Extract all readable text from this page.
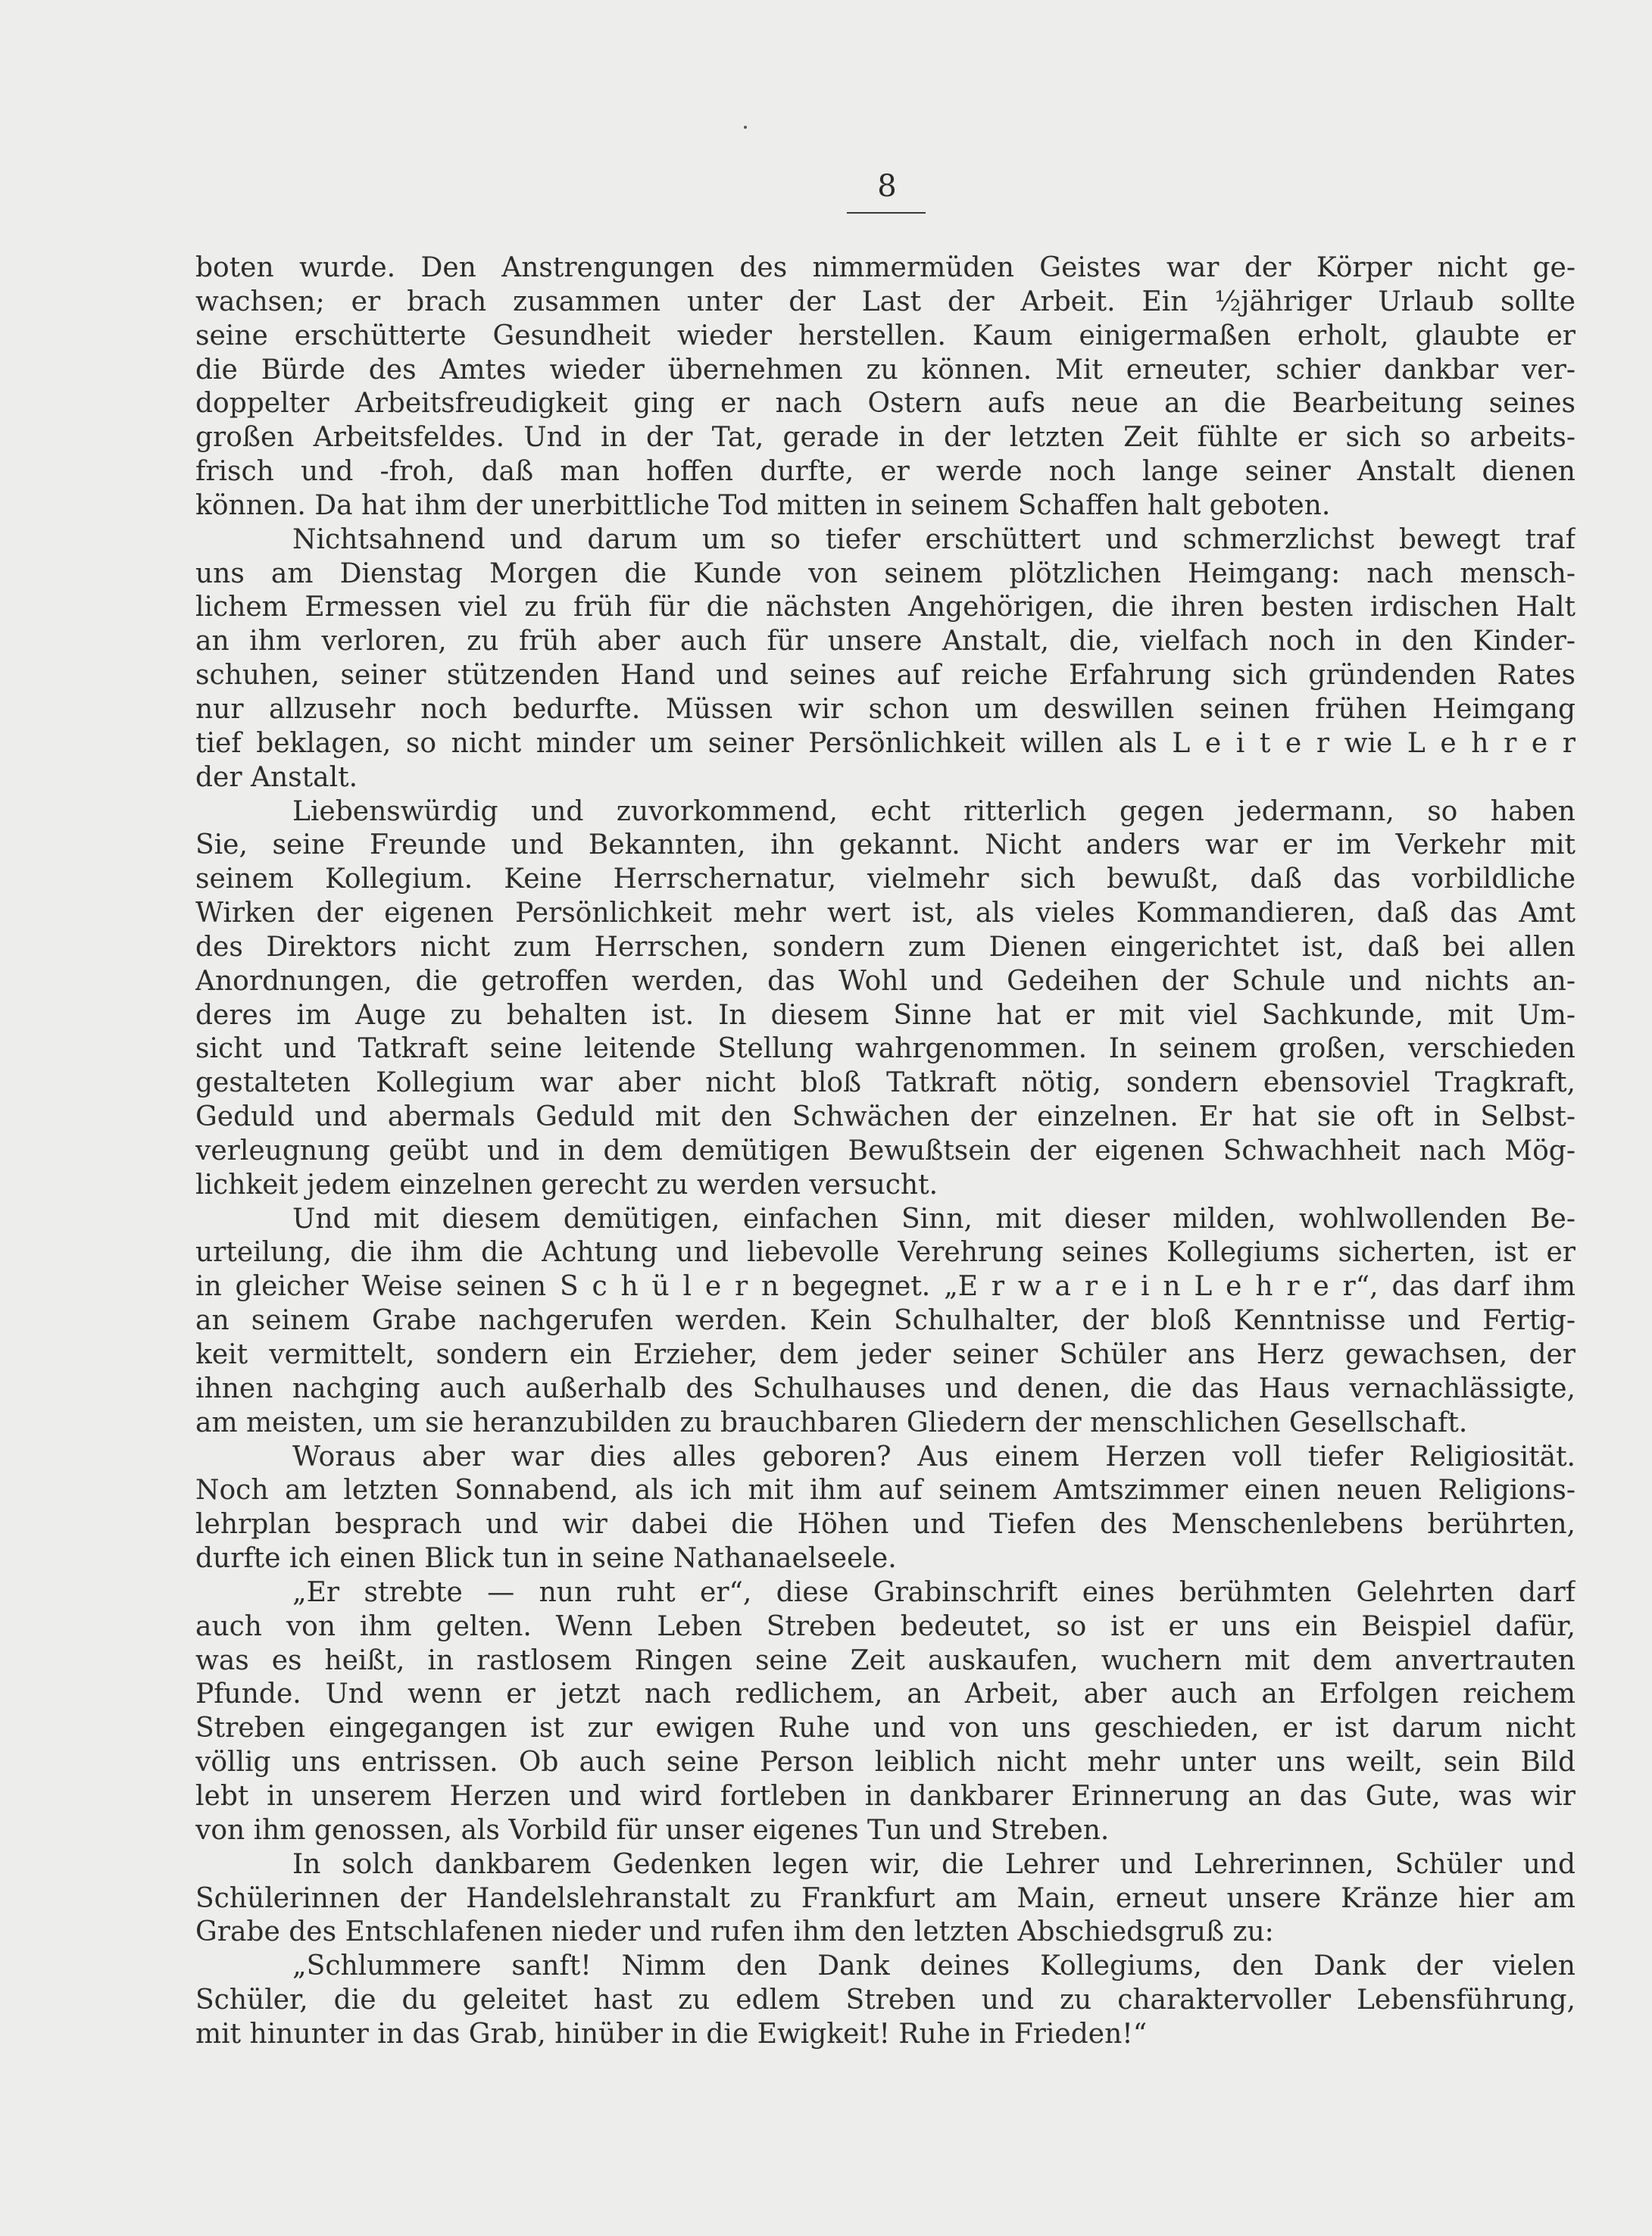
8
boten wurde. Den Anstrengungen des nimmermüden Geistes war der Körper nicht ge-
wachsen; er brach zusammen unter der Last der Arbeit. Ein ½jähriger Urlaub sollte
seine erschütterte Gesundheit wieder herstellen. Kaum einigermaßen erholt, glaubte er
die Bürde des Amtes wieder übernehmen zu können. Mit erneuter, schier dankbar ver-
doppelter Arbeitsfreudigkeit ging er nach Ostern aufs neue an die Bearbeitung seines
großen Arbeitsfeldes. Und in der Tat, gerade in der letzten Zeit fühlte er sich so arbeits-
frisch und -froh, daß man hoffen durfte, er werde noch lange seiner Anstalt dienen
können. Da hat ihm der unerbittliche Tod mitten in seinem Schaffen halt geboten.
Nichtsahnend und darum um so tiefer erschüttert und schmerzlichst bewegt traf
uns am Dienstag Morgen die Kunde von seinem plötzlichen Heimgang: nach mensch-
lichem Ermessen viel zu früh für die nächsten Angehörigen, die ihren besten irdischen Halt
an ihm verloren, zu früh aber auch für unsere Anstalt, die, vielfach noch in den Kinder-
schuhen, seiner stützenden Hand und seines auf reiche Erfahrung sich gründenden Rates
nur allzusehr noch bedurfte. Müssen wir schon um deswillen seinen frühen Heimgang
tief beklagen, so nicht minder um seiner Persönlichkeit willen als L e i t e r wie L e h r e r
der Anstalt.
Liebenswürdig und zuvorkommend, echt ritterlich gegen jedermann, so haben
Sie, seine Freunde und Bekannten, ihn gekannt. Nicht anders war er im Verkehr mit
seinem Kollegium. Keine Herrschernatur, vielmehr sich bewußt, daß das vorbildliche
Wirken der eigenen Persönlichkeit mehr wert ist, als vieles Kommandieren, daß das Amt
des Direktors nicht zum Herrschen, sondern zum Dienen eingerichtet ist, daß bei allen
Anordnungen, die getroffen werden, das Wohl und Gedeihen der Schule und nichts an-
deres im Auge zu behalten ist. In diesem Sinne hat er mit viel Sachkunde, mit Um-
sicht und Tatkraft seine leitende Stellung wahrgenommen. In seinem großen, verschieden
gestalteten Kollegium war aber nicht bloß Tatkraft nötig, sondern ebensoviel Tragkraft,
Geduld und abermals Geduld mit den Schwächen der einzelnen. Er hat sie oft in Selbst-
verleugnung geübt und in dem demütigen Bewußtsein der eigenen Schwachheit nach Mög-
lichkeit jedem einzelnen gerecht zu werden versucht.
Und mit diesem demütigen, einfachen Sinn, mit dieser milden, wohlwollenden Be-
urteilung, die ihm die Achtung und liebevolle Verehrung seines Kollegiums sicherten, ist er
in gleicher Weise seinen S c h ü l e r n begegnet. „E r w a r e i n L e h r e r“, das darf ihm
an seinem Grabe nachgerufen werden. Kein Schulhalter, der bloß Kenntnisse und Fertig-
keit vermittelt, sondern ein Erzieher, dem jeder seiner Schüler ans Herz gewachsen, der
ihnen nachging auch außerhalb des Schulhauses und denen, die das Haus vernachlässigte,
am meisten, um sie heranzubilden zu brauchbaren Gliedern der menschlichen Gesellschaft.
Woraus aber war dies alles geboren? Aus einem Herzen voll tiefer Religiosität.
Noch am letzten Sonnabend, als ich mit ihm auf seinem Amtszimmer einen neuen Religions-
lehrplan besprach und wir dabei die Höhen und Tiefen des Menschenlebens berührten,
durfte ich einen Blick tun in seine Nathanaelseele.
„Er strebte — nun ruht er“, diese Grabinschrift eines berühmten Gelehrten darf
auch von ihm gelten. Wenn Leben Streben bedeutet, so ist er uns ein Beispiel dafür,
was es heißt, in rastlosem Ringen seine Zeit auskaufen, wuchern mit dem anvertrauten
Pfunde. Und wenn er jetzt nach redlichem, an Arbeit, aber auch an Erfolgen reichem
Streben eingegangen ist zur ewigen Ruhe und von uns geschieden, er ist darum nicht
völlig uns entrissen. Ob auch seine Person leiblich nicht mehr unter uns weilt, sein Bild
lebt in unserem Herzen und wird fortleben in dankbarer Erinnerung an das Gute, was wir
von ihm genossen, als Vorbild für unser eigenes Tun und Streben.
In solch dankbarem Gedenken legen wir, die Lehrer und Lehrerinnen, Schüler und
Schülerinnen der Handelslehranstalt zu Frankfurt am Main, erneut unsere Kränze hier am
Grabe des Entschlafenen nieder und rufen ihm den letzten Abschiedsgruß zu:
„Schlummere sanft! Nimm den Dank deines Kollegiums, den Dank der vielen
Schüler, die du geleitet hast zu edlem Streben und zu charaktervoller Lebensführung,
mit hinunter in das Grab, hinüber in die Ewigkeit! Ruhe in Frieden!“
